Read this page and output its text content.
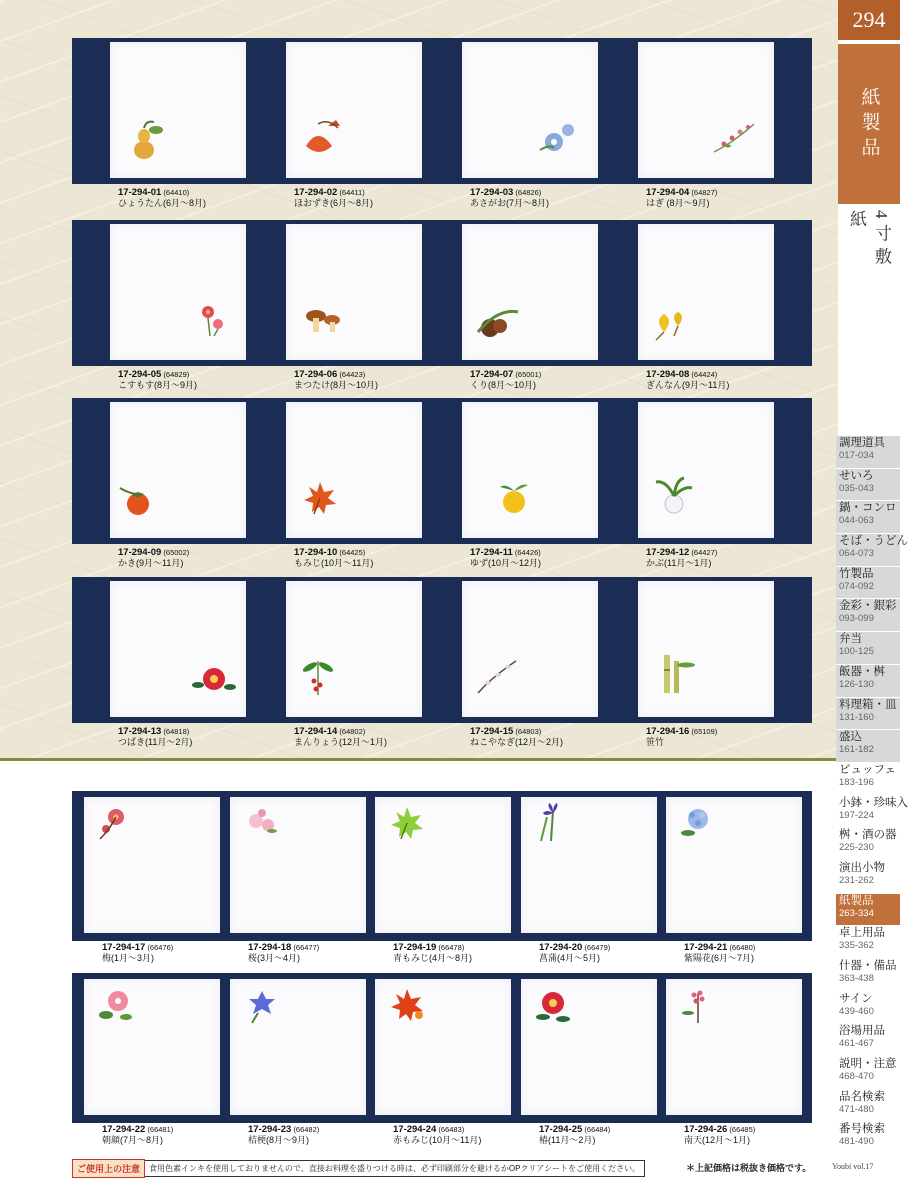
294
紙製品
4寸敷紙
調理道具
017-034
せいろ
035-043
鍋・コンロ
044-063
そば・うどん
064-073
竹製品
074-092
金彩・銀彩
093-099
弁当
100-125
飯器・桝
126-130
料理箱・皿
131-160
盛込
161-182
ビュッフェ
183-196
小鉢・珍味入
197-224
桝・酒の器
225-230
演出小物
231-262
紙製品
263-334
卓上用品
335-362
什器・備品
363-438
サイン
439-460
浴場用品
461-467
説明・注意
468-470
品名検索
471-480
番号検索
481-490
17-294-01 (64410)
ひょうたん(6月～8月)
17-294-02 (64411)
ほおずき(6月～8月)
17-294-03 (64826)
あさがお(7月～8月)
17-294-04 (64827)
はぎ (8月～9月)
17-294-05 (64829)
こすもす(8月～9月)
17-294-06 (64423)
まつたけ(8月～10月)
17-294-07 (65001)
くり(8月～10月)
17-294-08 (64424)
ぎんなん(9月～11月)
17-294-09 (65002)
かき(9月～11月)
17-294-10 (64425)
もみじ(10月～11月)
17-294-11 (64426)
ゆず(10月～12月)
17-294-12 (64427)
かぶ(11月～1月)
17-294-13 (64818)
つばき(11月～2月)
17-294-14 (64802)
まんりょう(12月～1月)
17-294-15 (64803)
ねこやなぎ(12月～2月)
17-294-16 (65109)
笹竹
17-294-17 (66476)
梅(1月～3月)
17-294-18 (66477)
桜(3月～4月)
17-294-19 (66478)
青もみじ(4月～8月)
17-294-20 (66479)
菖蒲(4月～5月)
17-294-21 (66480)
紫陽花(6月～7月)
17-294-22 (66481)
朝顔(7月～8月)
17-294-23 (66482)
桔梗(8月～9月)
17-294-24 (66483)
赤もみじ(10月～11月)
17-294-25 (66484)
椿(11月～2月)
17-294-26 (66485)
南天(12月～1月)
ご使用上の注意	食用色素インキを使用しておりませんので、直接お料理を盛りつける時は、必ず印刷部分を避けるかOPクリアシートをご使用ください。	＊上記価格は税抜き価格です。	Youbi vol.17
